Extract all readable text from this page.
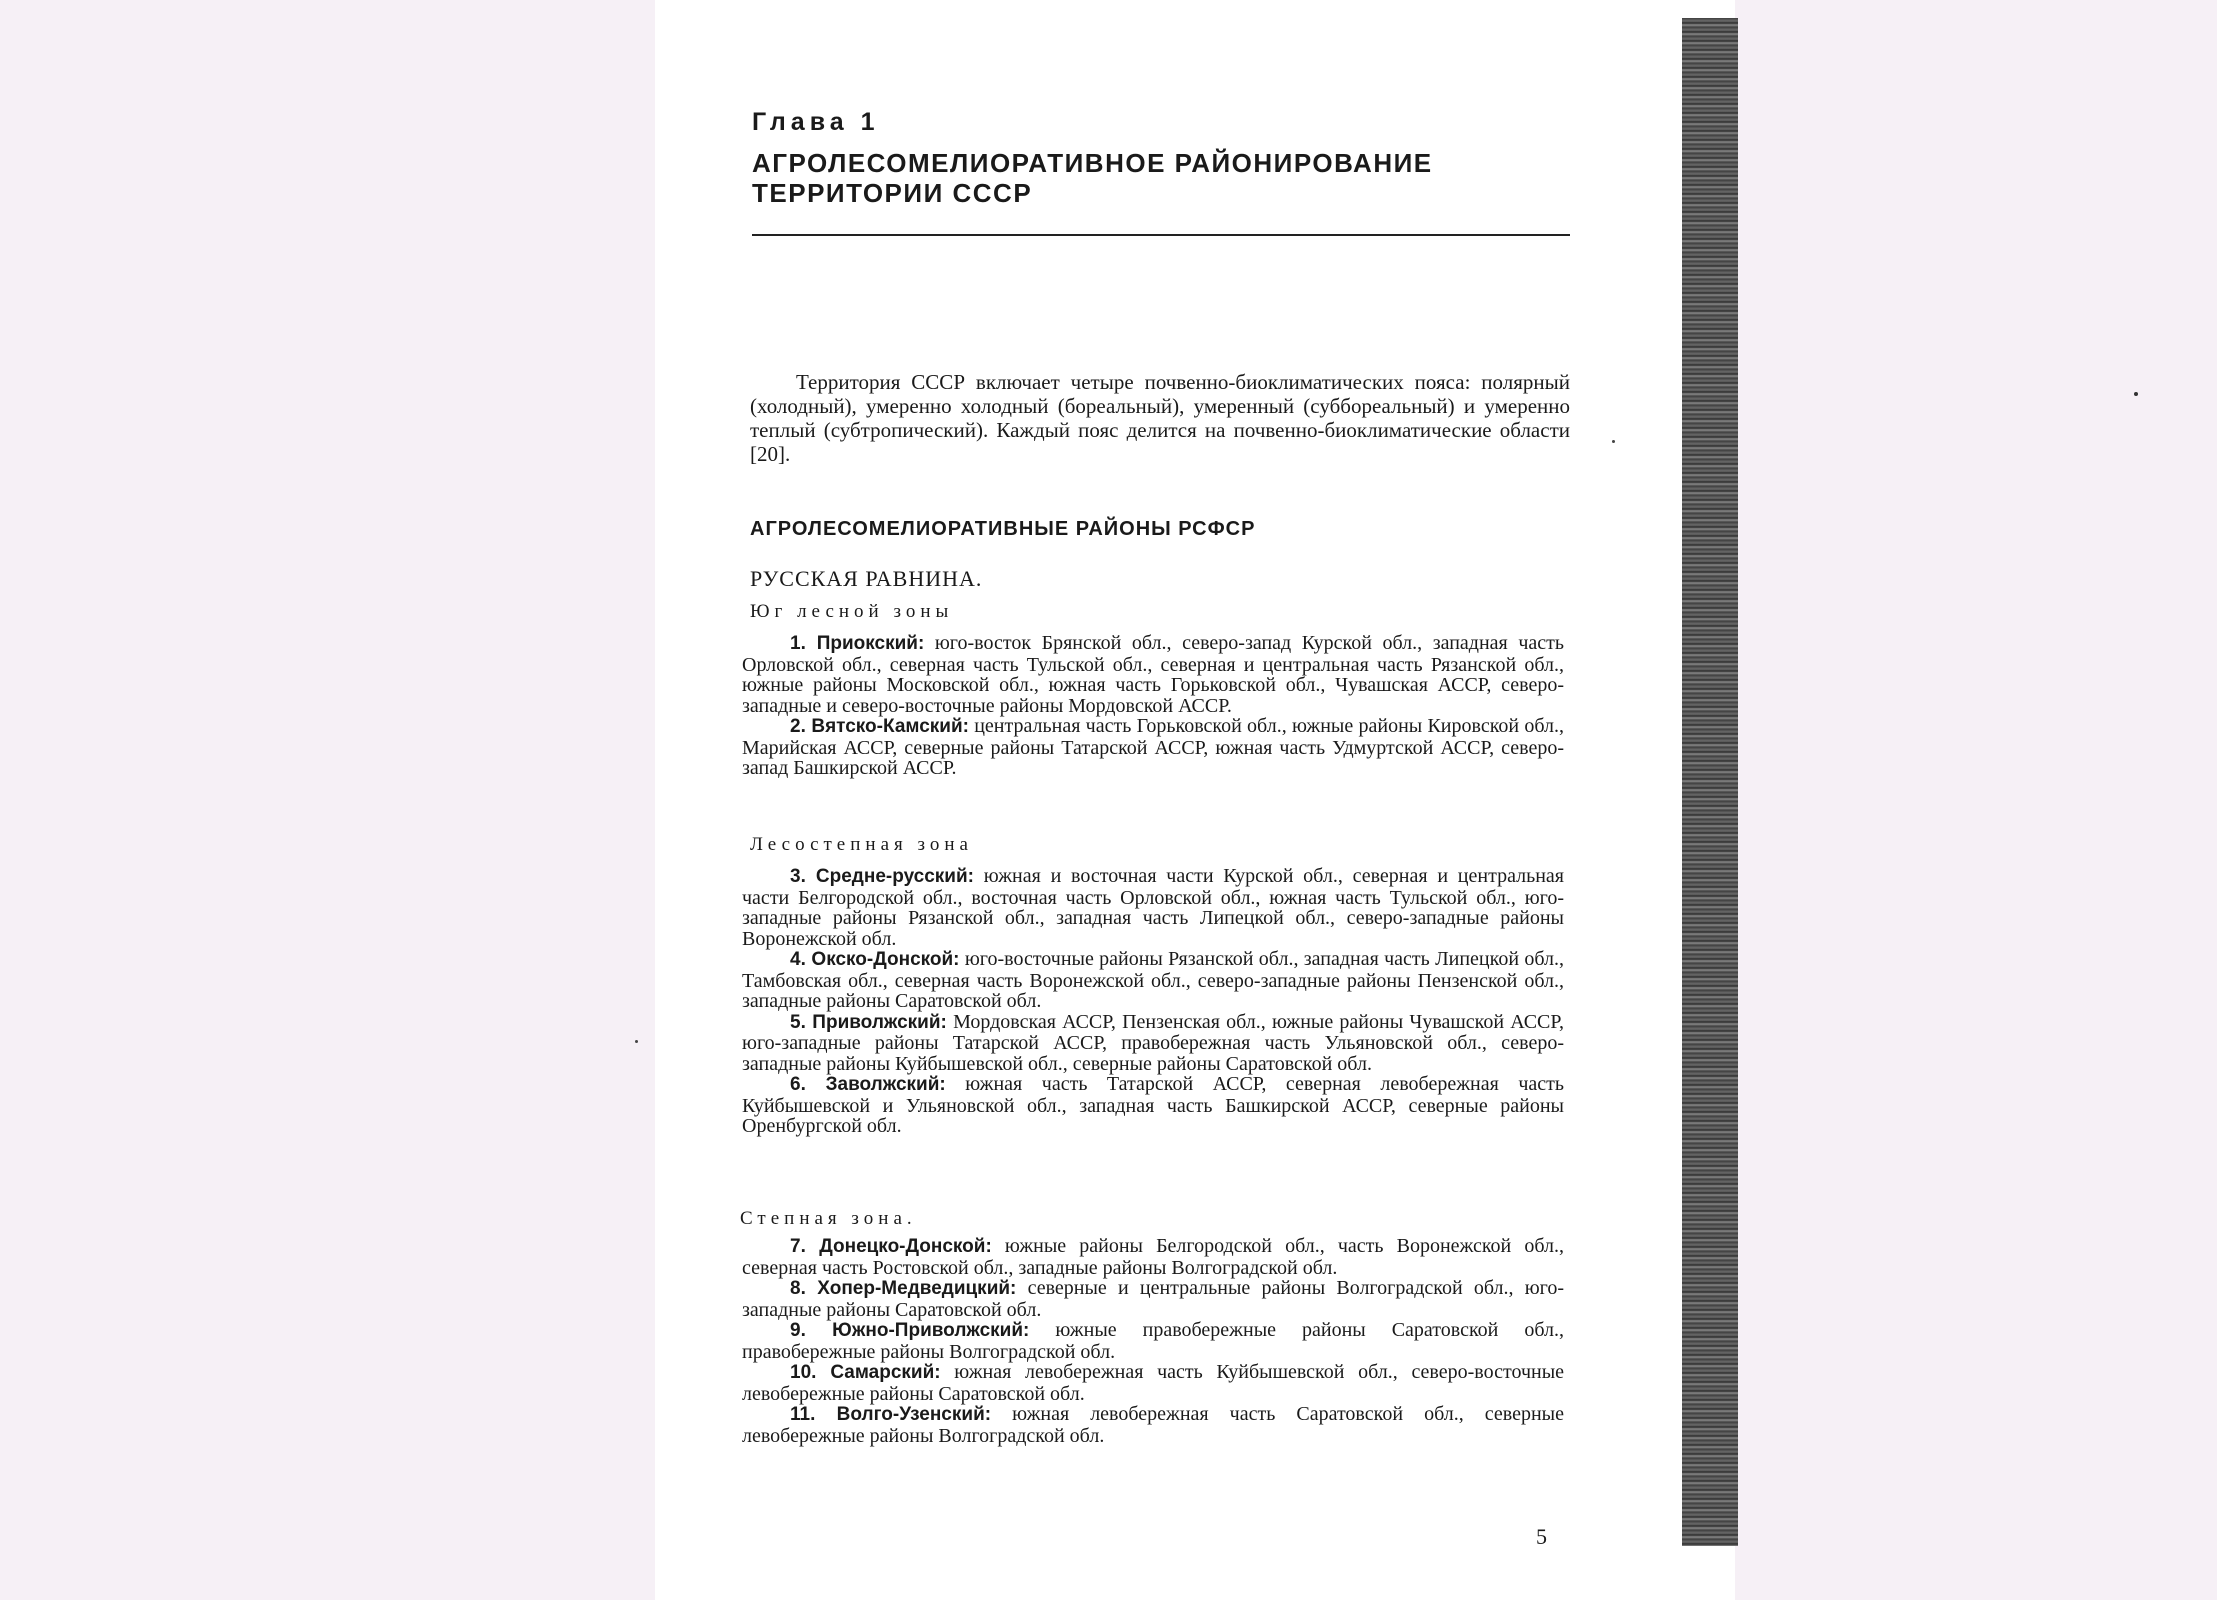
Глава 1
АГРОЛЕСОМЕЛИОРАТИВНОЕ РАЙОНИРОВАНИЕ
ТЕРРИТОРИИ СССР

Территория СССР включает четыре почвенно-биоклиматических пояса: полярный (холодный), умеренно холодный (бореальный), умеренный (суббореальный) и умеренно теплый (субтропический). Каждый пояс делится на почвенно-биоклиматические области [20].

АГРОЛЕСОМЕЛИОРАТИВНЫЕ РАЙОНЫ РСФСР
РУССКАЯ РАВНИНА.
Юг лесной зоны

1. Приокский: юго-восток Брянской обл., северо-запад Курской обл., западная часть Орловской обл., северная часть Тульской обл., северная и центральная часть Рязанской обл., южные районы Московской обл., южная часть Горьковской обл., Чувашская АССР, северо-западные и северо-восточные районы Мордовской АССР.

2. Вятско-Камский: центральная часть Горьковской обл., южные районы Кировской обл., Марийская АССР, северные районы Татарской АССР, южная часть Удмуртской АССР, северо-запад Башкирской АССР.

Лесостепная зона

3. Средне-русский: южная и восточная части Курской обл., северная и центральная части Белгородской обл., восточная часть Орловской обл., южная часть Тульской обл., юго-западные районы Рязанской обл., западная часть Липецкой обл., северо-западные районы Воронежской обл.

4. Окско-Донской: юго-восточные районы Рязанской обл., западная часть Липецкой обл., Тамбовская обл., северная часть Воронежской обл., северо-западные районы Пензенской обл., западные районы Саратовской обл.

5. Приволжский: Мордовская АССР, Пензенская обл., южные районы Чувашской АССР, юго-западные районы Татарской АССР, правобережная часть Ульяновской обл., северо-западные районы Куйбышевской обл., северные районы Саратовской обл.

6. Заволжский: южная часть Татарской АССР, северная левобережная часть Куйбышевской и Ульяновской обл., западная часть Башкирской АССР, северные районы Оренбургской обл.

Степная зона.

7. Донецко-Донской: южные районы Белгородской обл., часть Воронежской обл., северная часть Ростовской обл., западные районы Волгоградской обл.

8. Хопер-Медведицкий: северные и центральные районы Волгоградской обл., юго-западные районы Саратовской обл.

9. Южно-Приволжский: южные правобережные районы Саратовской обл., правобережные районы Волгоградской обл.

10. Самарский: южная левобережная часть Куйбышевской обл., северо-восточные левобережные районы Саратовской обл.

11. Волго-Узенский: южная левобережная часть Саратовской обл., северные левобережные районы Волгоградской обл.

5
